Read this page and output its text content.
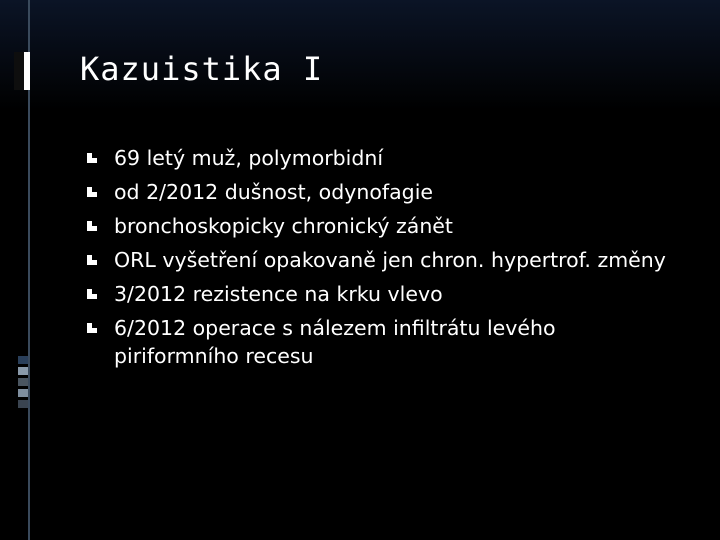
Kazuistika I
69 letý muž, polymorbidní
od 2/2012 dušnost, odynofagie
bronchoskopicky chronický zánět
ORL vyšetření opakovaně jen chron. hypertrof. změny
3/2012 rezistence na krku vlevo
6/2012 operace s nálezem infiltrátu levého piriformního recesu
